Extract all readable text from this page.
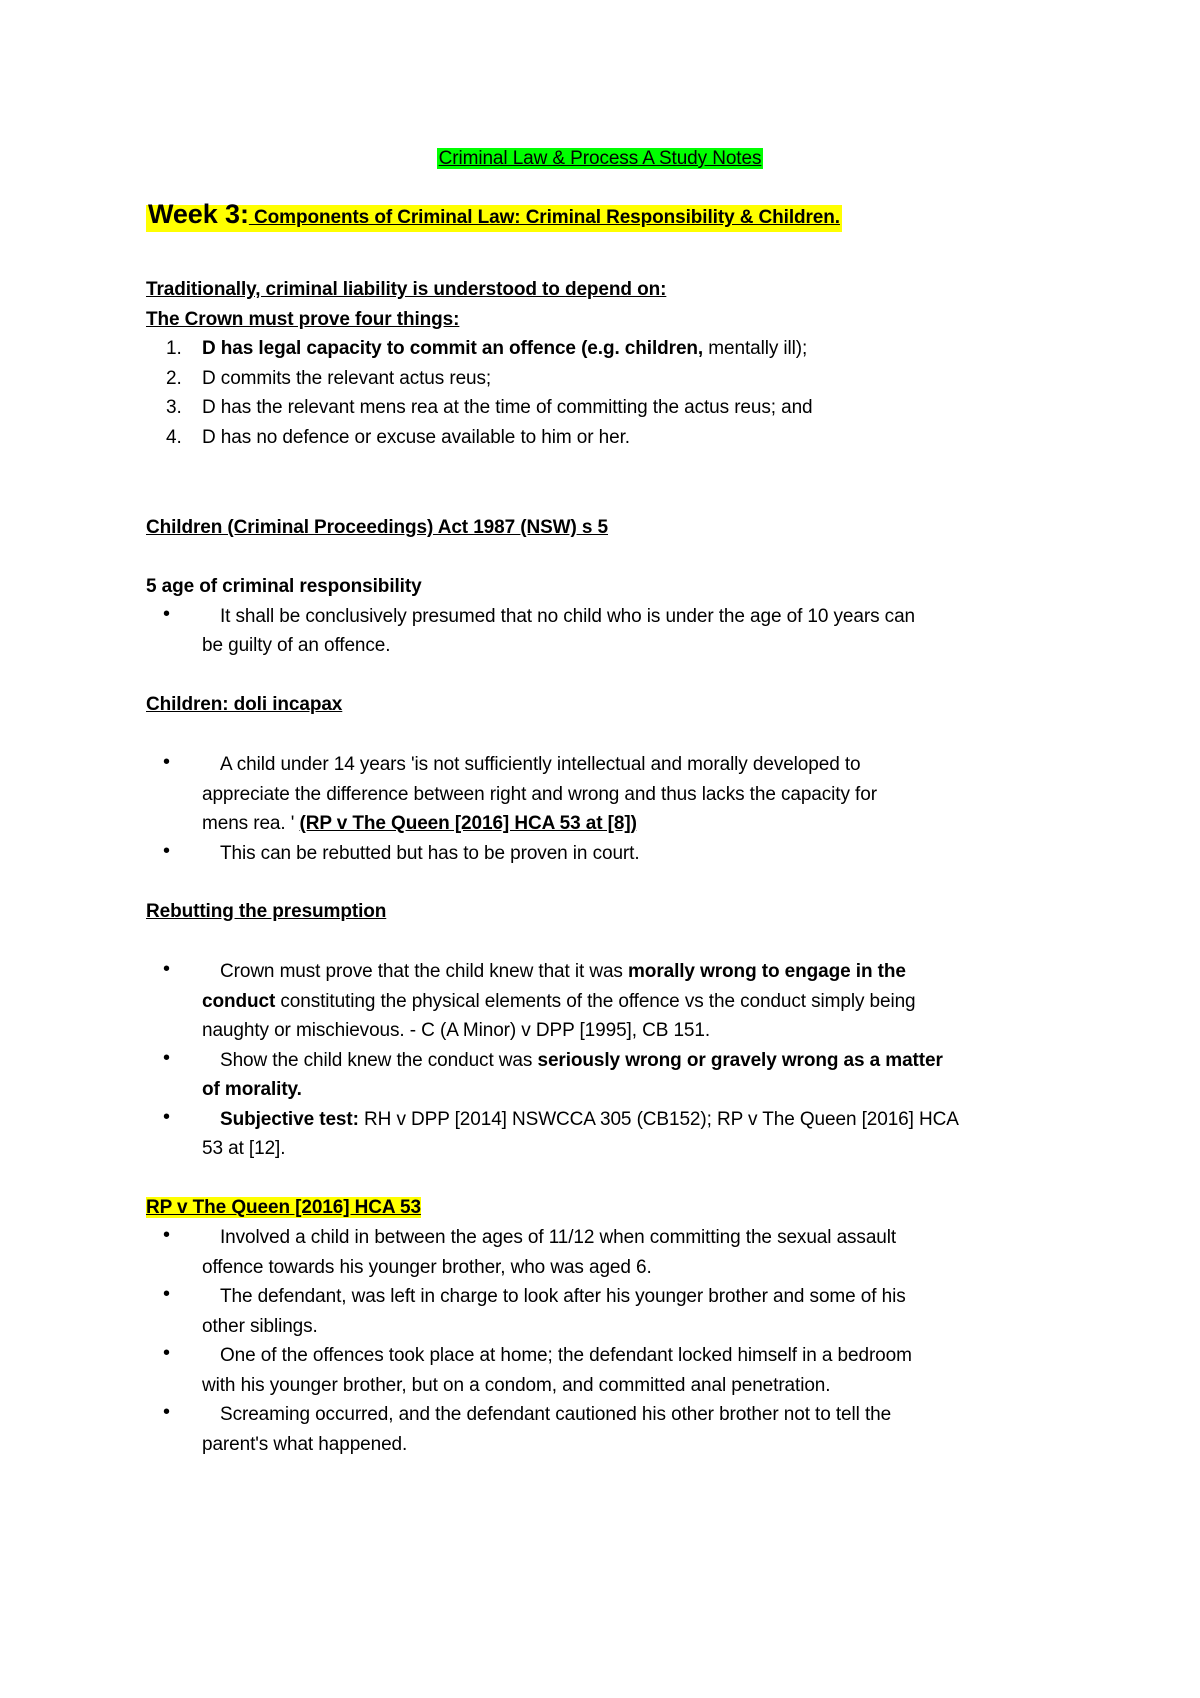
Criminal Law & Process A Study Notes
Week 3: Components of Criminal Law: Criminal Responsibility & Children.
Traditionally, criminal liability is understood to depend on:
The Crown must prove four things:
1. D has legal capacity to commit an offence (e.g. children, mentally ill);
2. D commits the relevant actus reus;
3. D has the relevant mens rea at the time of committing the actus reus; and
4. D has no defence or excuse available to him or her.
Children (Criminal Proceedings) Act 1987 (NSW) s 5
5 age of criminal responsibility
•	It shall be conclusively presumed that no child who is under the age of 10 years can
be guilty of an offence.
Children: doli incapax
•	A child under 14 years 'is not sufficiently intellectual and morally developed to
appreciate the difference between right and wrong and thus lacks the capacity for
mens rea. ' (RP v The Queen [2016] HCA 53 at [8])
•	This can be rebutted but has to be proven in court.
Rebutting the presumption
•	Crown must prove that the child knew that it was morally wrong to engage in the
conduct constituting the physical elements of the offence vs the conduct simply being
naughty or mischievous. - C (A Minor) v DPP [1995], CB 151.
•	Show the child knew the conduct was seriously wrong or gravely wrong as a matter
of morality.
•	Subjective test: RH v DPP [2014] NSWCCA 305 (CB152); RP v The Queen [2016] HCA
53 at [12].
RP v The Queen [2016] HCA 53
•	Involved a child in between the ages of 11/12 when committing the sexual assault
offence towards his younger brother, who was aged 6.
•	The defendant, was left in charge to look after his younger brother and some of his
other siblings.
•	One of the offences took place at home; the defendant locked himself in a bedroom
with his younger brother, but on a condom, and committed anal penetration.
•	Screaming occurred, and the defendant cautioned his other brother not to tell the
parent's what happened.
